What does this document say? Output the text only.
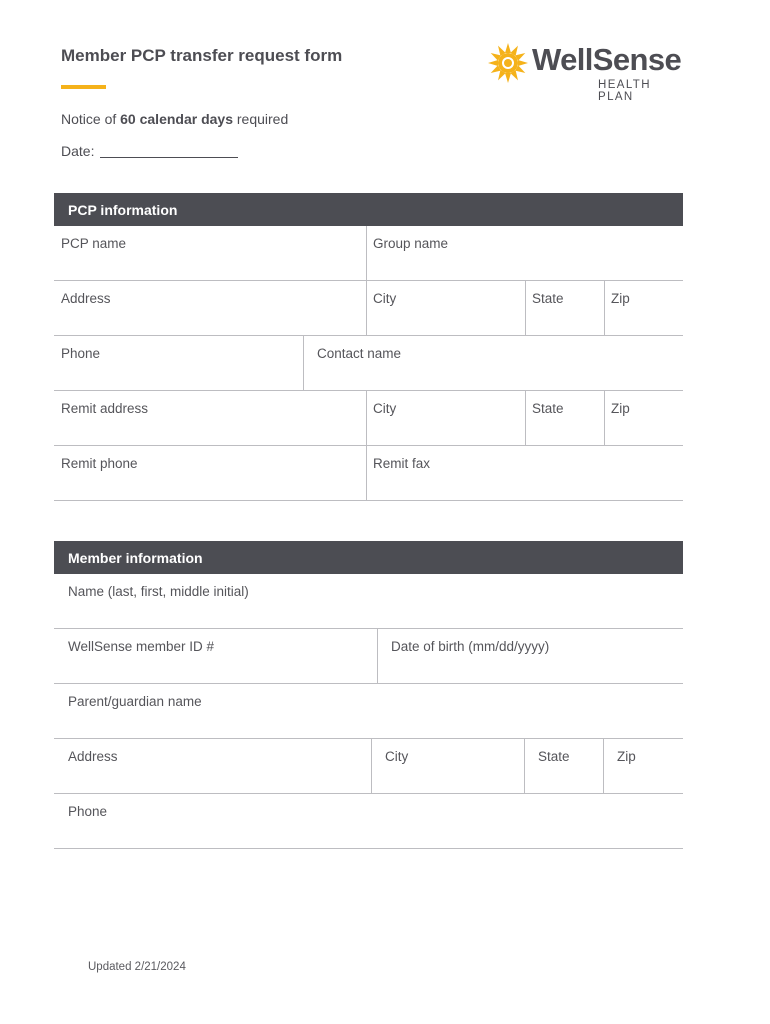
Member PCP transfer request form	WellSense
HEALTH PLAN
Notice of 60 calendar days required
Date:
PCP information
PCP name	Group name
Address	City	State	Zip
Phone	Contact name
Remit address	City	State	Zip
Remit phone	Remit fax
Member information
Name (last, first, middle initial)
WellSense member ID #	Date of birth (mm/dd/yyyy)
Parent/guardian name
Address	City	State	Zip
Phone
Updated 2/21/2024
